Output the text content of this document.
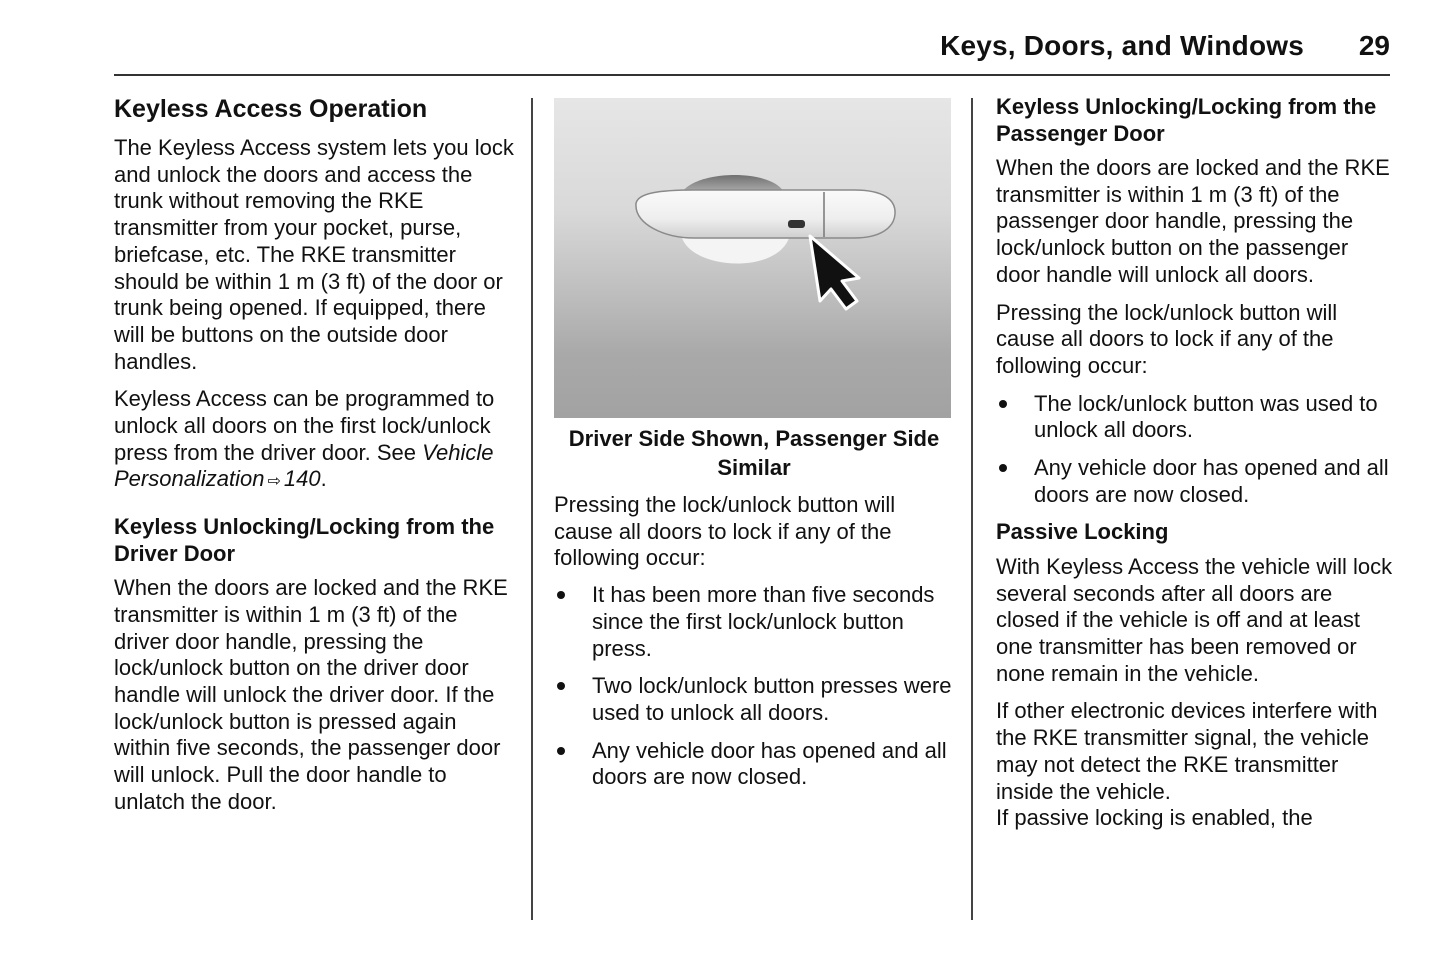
Keys, Doors, and Windows 29
Keyless Access Operation

The Keyless Access system lets you lock and unlock the doors and access the trunk without removing the RKE transmitter from your pocket, purse, briefcase, etc. The RKE transmitter should be within 1 m (3 ft) of the door or trunk being opened. If equipped, there will be buttons on the outside door handles.

Keyless Access can be programmed to unlock all doors on the first lock/unlock press from the driver door. See Vehicle Personalization ⇨ 140.

Keyless Unlocking/Locking from the Driver Door

When the doors are locked and the RKE transmitter is within 1 m (3 ft) of the driver door handle, pressing the lock/unlock button on the driver door handle will unlock the driver door. If the lock/unlock button is pressed again within five seconds, the passenger door will unlock. Pull the door handle to unlatch the door.

Driver Side Shown, Passenger Side Similar

Pressing the lock/unlock button will cause all doors to lock if any of the following occur:

It has been more than five seconds since the first lock/unlock button press.
Two lock/unlock button presses were used to unlock all doors.
Any vehicle door has opened and all doors are now closed.
Keyless Unlocking/Locking from the Passenger Door

When the doors are locked and the RKE transmitter is within 1 m (3 ft) of the passenger door handle, pressing the lock/unlock button on the passenger door handle will unlock all doors.

Pressing the lock/unlock button will cause all doors to lock if any of the following occur:

The lock/unlock button was used to unlock all doors.
Any vehicle door has opened and all doors are now closed.
Passive Locking

With Keyless Access the vehicle will lock several seconds after all doors are closed if the vehicle is off and at least one transmitter has been removed or none remain in the vehicle.

If other electronic devices interfere with the RKE transmitter signal, the vehicle may not detect the RKE transmitter inside the vehicle.

If passive locking is enabled, the
